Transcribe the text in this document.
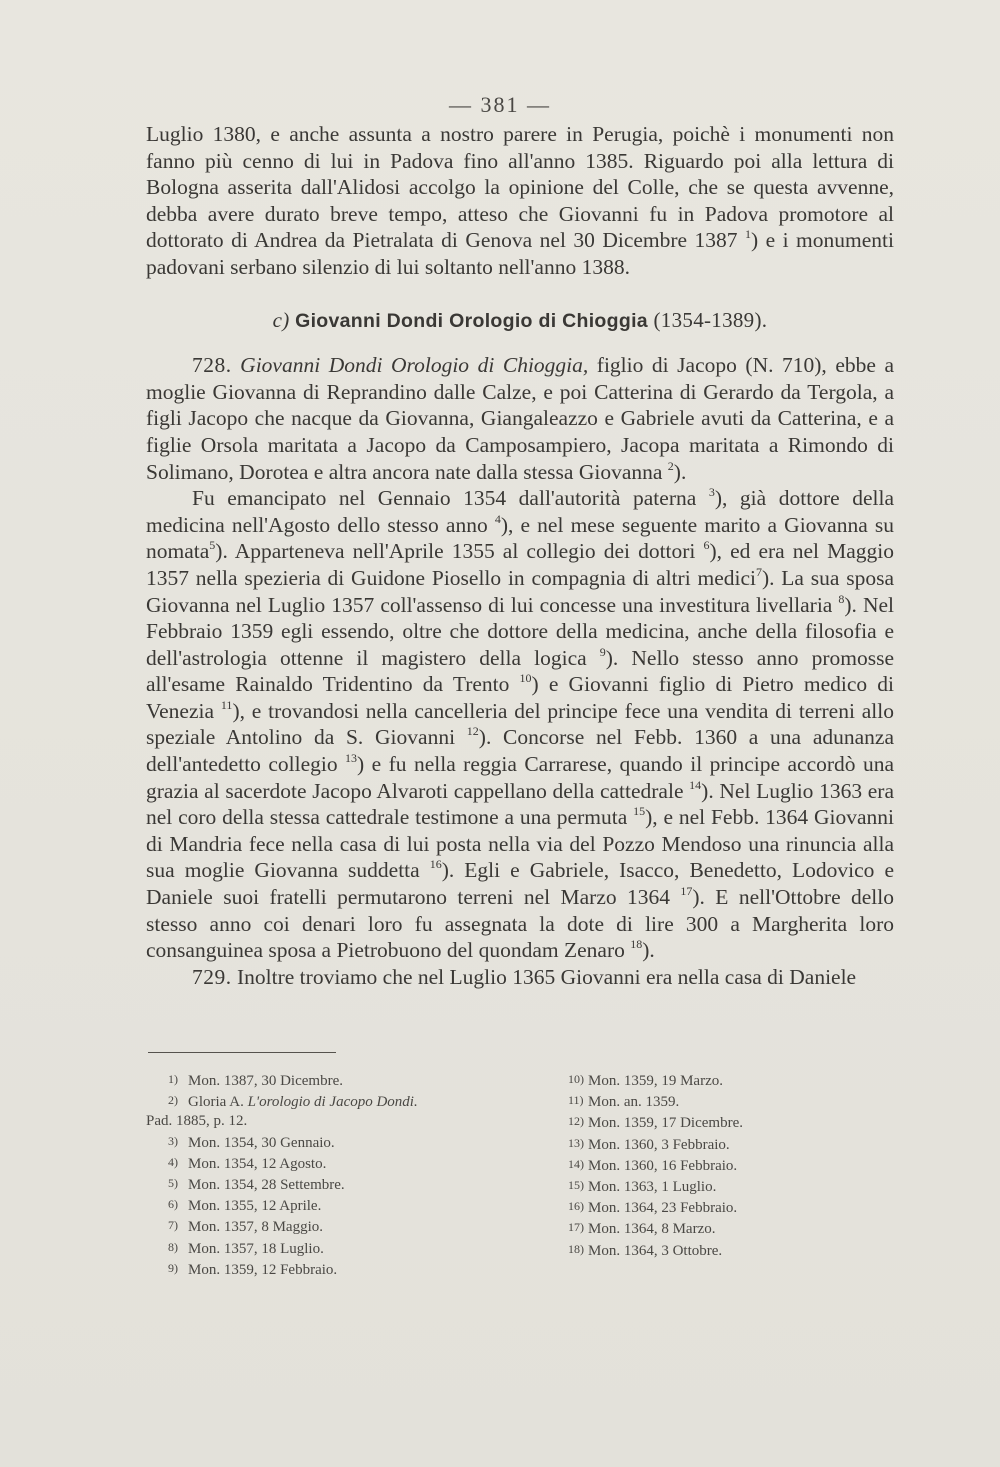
— 381 —

Luglio 1380, e anche assunta a nostro parere in Perugia, poichè i monumenti non fanno più cenno di lui in Padova fino all'anno 1385. Riguardo poi alla lettura di Bologna asserita dall'Alidosi accolgo la opinione del Colle, che se questa avvenne, debba avere durato breve tempo, atteso che Giovanni fu in Padova promotore al dottorato di Andrea da Pietralata di Genova nel 30 Dicembre 1387 $^1$) e i monumenti padovani serbano silenzio di lui soltanto nell'anno 1388.

c) Giovanni Dondi Orologio di Chioggia (1354-1389).

728. Giovanni Dondi Orologio di Chioggia, figlio di Jacopo (N. 710), ebbe a moglie Giovanna di Reprandino dalle Calze, e poi Catterina di Gerardo da Tergola, a figli Jacopo che nacque da Giovanna, Giangaleazzo e Gabriele avuti da Catterina, e a figlie Orsola maritata a Jacopo da Camposampiero, Jacopa maritata a Rimondo di Solimano, Dorotea e altra ancora nate dalla stessa Giovanna $^2$).

Fu emancipato nel Gennaio 1354 dall'autorità paterna $^3$), già dottore della medicina nell'Agosto dello stesso anno $^4$), e nel mese seguente marito a Giovanna su nomata$^5$). Apparteneva nell'Aprile 1355 al collegio dei dottori $^6$), ed era nel Maggio 1357 nella spezieria di Guidone Piosello in compagnia di altri medici$^7$). La sua sposa Giovanna nel Luglio 1357 coll'assenso di lui concesse una investitura livellaria $^8$). Nel Febbraio 1359 egli essendo, oltre che dottore della medicina, anche della filosofia e dell'astrologia ottenne il magistero della logica $^9$). Nello stesso anno promosse all'esame Rainaldo Tridentino da Trento $^{10}$) e Giovanni figlio di Pietro medico di Venezia $^{11}$), e trovandosi nella cancelleria del principe fece una vendita di terreni allo speziale Antolino da S. Giovanni $^{12}$). Concorse nel Febb. 1360 a una adunanza dell'antedetto collegio $^{13}$) e fu nella reggia Carrarese, quando il principe accordò una grazia al sacerdote Jacopo Alvaroti cappellano della cattedrale $^{14}$). Nel Luglio 1363 era nel coro della stessa cattedrale testimone a una permuta $^{15}$), e nel Febb. 1364 Giovanni di Mandria fece nella casa di lui posta nella via del Pozzo Mendoso una rinuncia alla sua moglie Giovanna suddetta $^{16}$). Egli e Gabriele, Isacco, Benedetto, Lodovico e Daniele suoi fratelli permutarono terreni nel Marzo 1364 $^{17}$). E nell'Ottobre dello stesso anno coi denari loro fu assegnata la dote di lire 300 a Margherita loro consanguinea sposa a Pietrobuono del quondam Zenaro $^{18}$).

729. Inoltre troviamo che nel Luglio 1365 Giovanni era nella casa di Daniele

1) Mon. 1387, 30 Dicembre.
2) Gloria A. L'orologio di Jacopo Dondi.
Pad. 1885, p. 12.
3) Mon. 1354, 30 Gennaio.
4) Mon. 1354, 12 Agosto.
5) Mon. 1354, 28 Settembre.
6) Mon. 1355, 12 Aprile.
7) Mon. 1357, 8 Maggio.
8) Mon. 1357, 18 Luglio.
9) Mon. 1359, 12 Febbraio.
10) Mon. 1359, 19 Marzo.
11) Mon. an. 1359.
12) Mon. 1359, 17 Dicembre.
13) Mon. 1360, 3 Febbraio.
14) Mon. 1360, 16 Febbraio.
15) Mon. 1363, 1 Luglio.
16) Mon. 1364, 23 Febbraio.
17) Mon. 1364, 8 Marzo.
18) Mon. 1364, 3 Ottobre.
